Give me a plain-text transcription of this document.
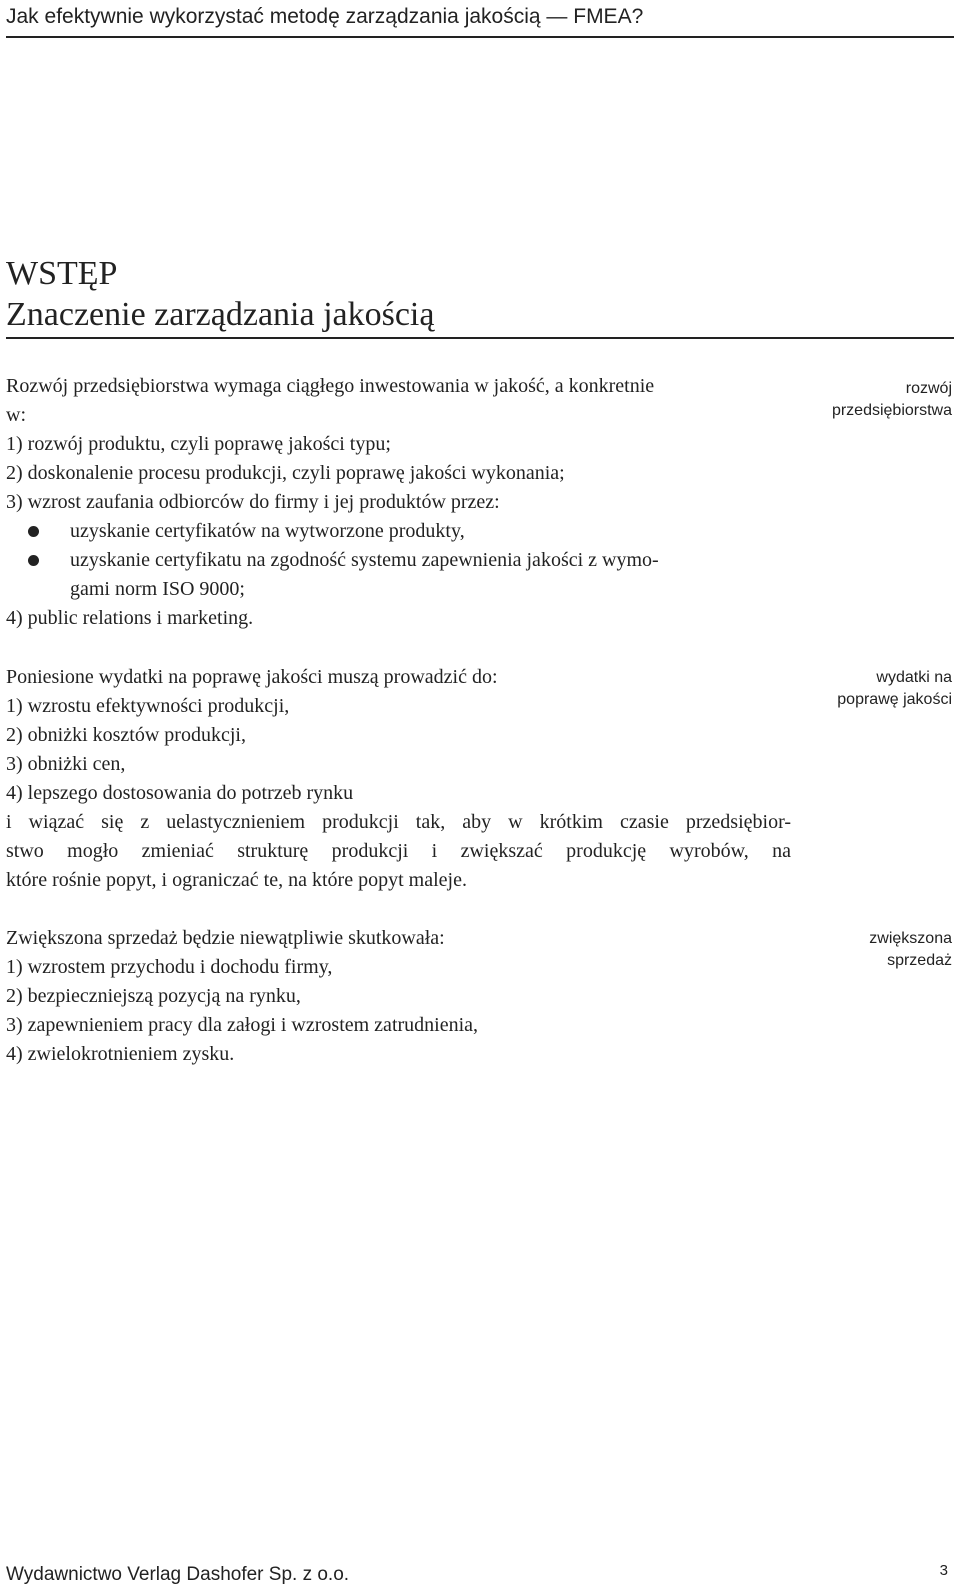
Jak efektywnie wykorzystać metodę zarządzania jakością — FMEA?
WSTĘP
Znaczenie zarządzania jakością
Rozwój przedsiębiorstwa wymaga ciągłego inwestowania w jakość, a konkretnie
w:
1) rozwój produktu, czyli poprawę jakości typu;
2) doskonalenie procesu produkcji, czyli poprawę jakości wykonania;
3) wzrost zaufania odbiorców do firmy i jej produktów przez:
uzyskanie certyfikatów na wytworzone produkty,
uzyskanie certyfikatu na zgodność systemu zapewnienia jakości z wymo-
gami norm ISO 9000;
4) public relations i marketing.
rozwój
przedsiębiorstwa
Poniesione wydatki na poprawę jakości muszą prowadzić do:
1) wzrostu efektywności produkcji,
2) obniżki kosztów produkcji,
3) obniżki cen,
4) lepszego dostosowania do potrzeb rynku
i wiązać się z uelastycznieniem produkcji tak, aby w krótkim czasie przedsiębior-
stwo mogło zmieniać strukturę produkcji i zwiększać produkcję wyrobów, na
które rośnie popyt, i ograniczać te, na które popyt maleje.
wydatki na
poprawę jakości
Zwiększona sprzedaż będzie niewątpliwie skutkowała:
1) wzrostem przychodu i dochodu firmy,
2) bezpieczniejszą pozycją na rynku,
3) zapewnieniem pracy dla załogi i wzrostem zatrudnienia,
4) zwielokrotnieniem zysku.
zwiększona
sprzedaż
Wydawnictwo Verlag Dashofer Sp. z o.o.	3
